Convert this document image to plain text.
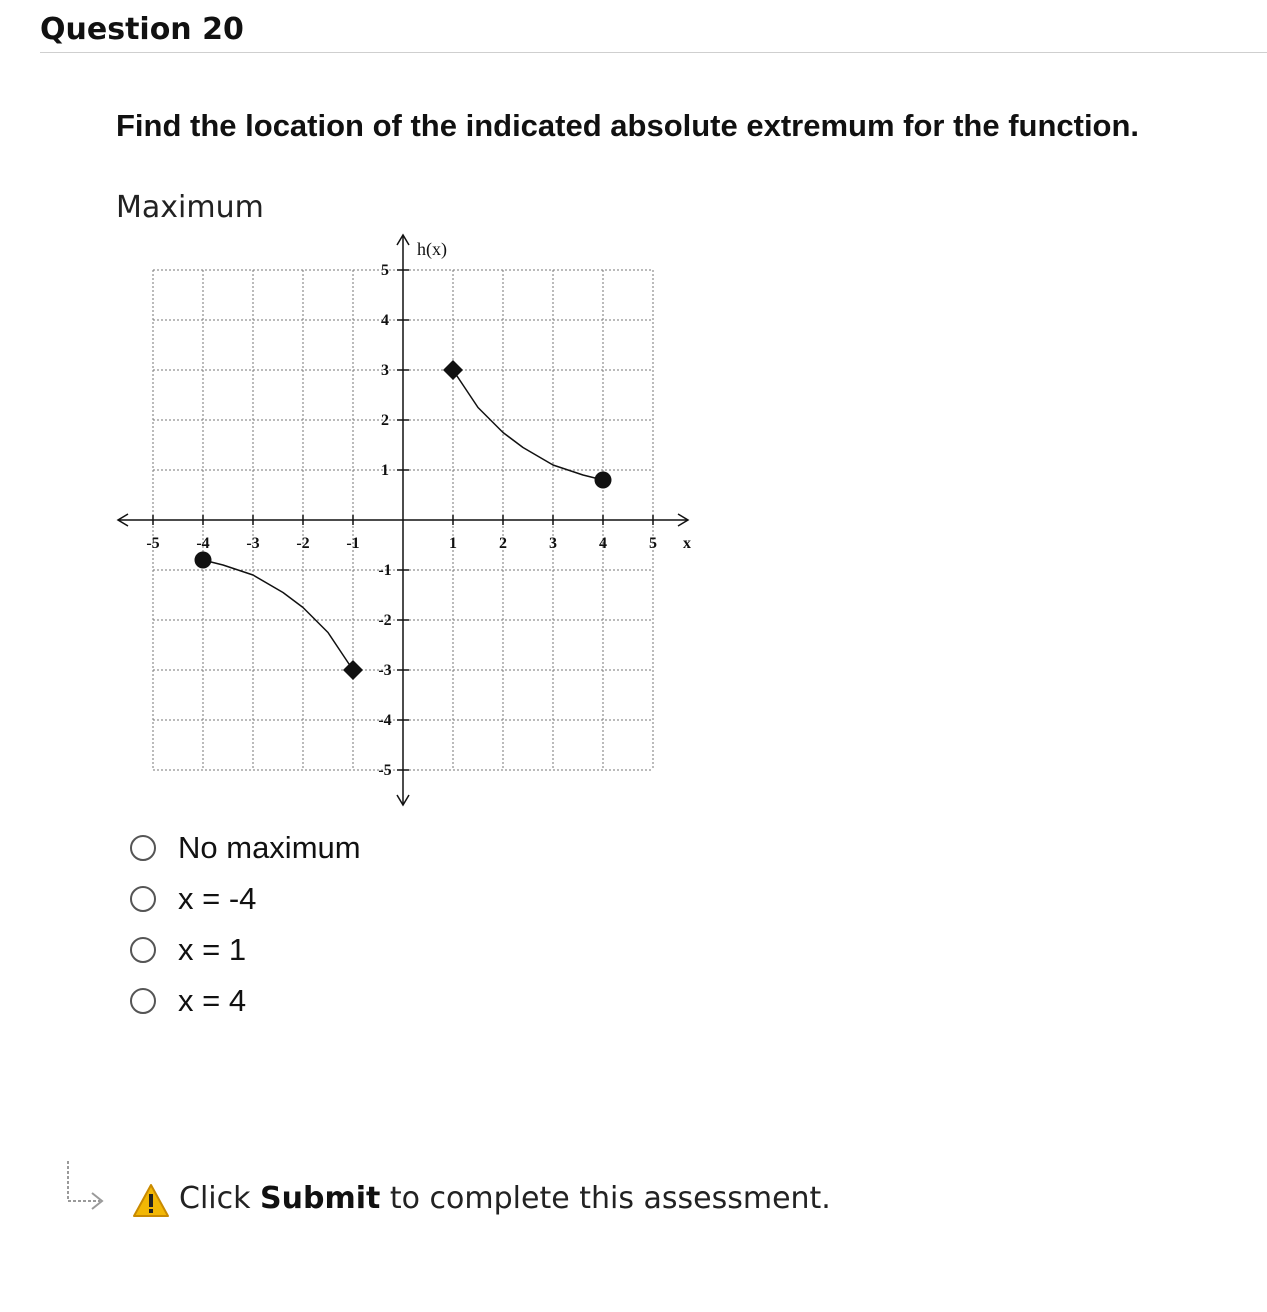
Question 20
Find the location of the indicated absolute extremum for the function.
Maximum
-5 -4 -3 -2 -1	1	2	3	4	5
5
4
3
2
1
-1
-2
-3
-4
-5
x
h(x)
No maximum
x = -4
x = 1
x = 4
Click Submit to complete this assessment.
